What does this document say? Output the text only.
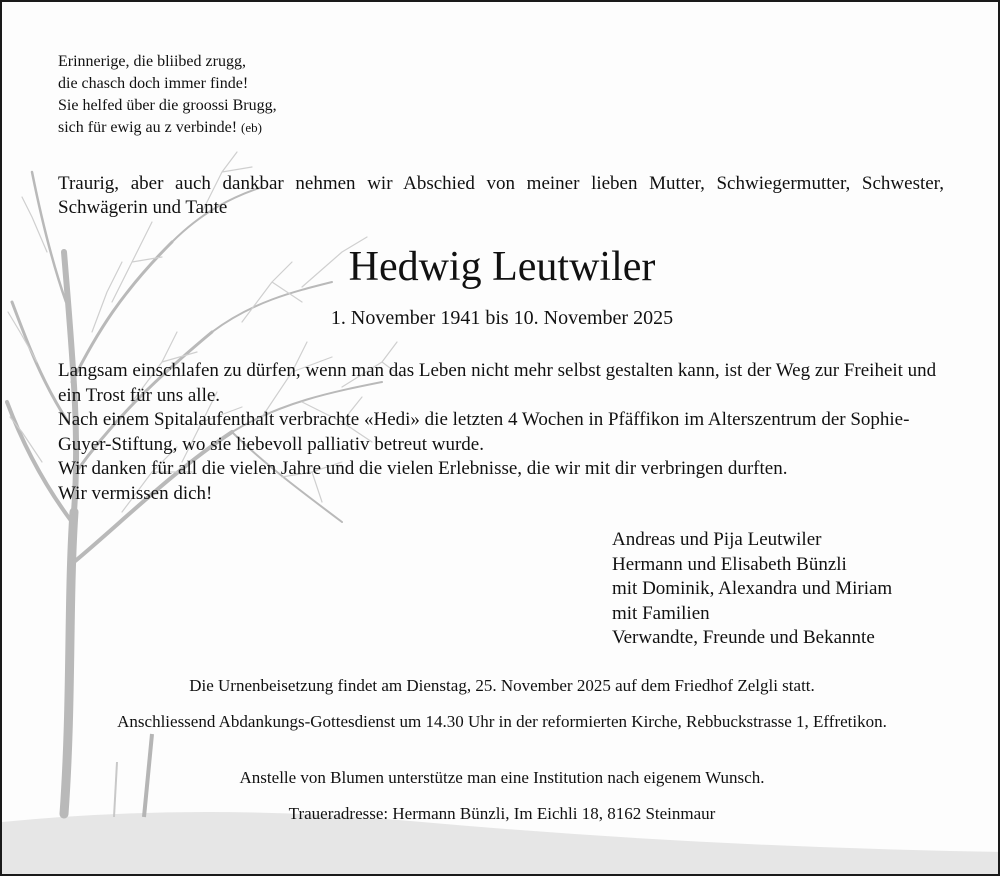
Erinnerige, die bliibed zrugg,
die chasch doch immer finde!
Sie helfed über die groossi Brugg,
sich für ewig au z verbinde! (eb)
Traurig, aber auch dankbar nehmen wir Abschied von meiner lieben Mutter, Schwiegermutter, Schwester, Schwägerin und Tante
Hedwig Leutwiler
1. November 1941 bis 10. November 2025

Langsam einschlafen zu dürfen, wenn man das Leben nicht mehr selbst gestalten kann, ist der Weg zur Freiheit und ein Trost für uns alle.

Nach einem Spitalaufenthalt verbrachte «Hedi» die letzten 4 Wochen in Pfäffikon im Alterszentrum der Sophie-Guyer-Stiftung, wo sie liebevoll palliativ betreut wurde.

Wir danken für all die vielen Jahre und die vielen Erlebnisse, die wir mit dir verbringen durften.

Wir vermissen dich!

Andreas und Pija Leutwiler
Hermann und Elisabeth Bünzli
mit Dominik, Alexandra und Miriam
mit Familien
Verwandte, Freunde und Bekannte
Die Urnenbeisetzung findet am Dienstag, 25. November 2025 auf dem Friedhof Zelgli statt.
Anschliessend Abdankungs-Gottesdienst um 14.30 Uhr in der reformierten Kirche, Rebbuckstrasse 1, Effretikon.
Anstelle von Blumen unterstütze man eine Institution nach eigenem Wunsch.
Traueradresse: Hermann Bünzli, Im Eichli 18, 8162 Steinmaur
